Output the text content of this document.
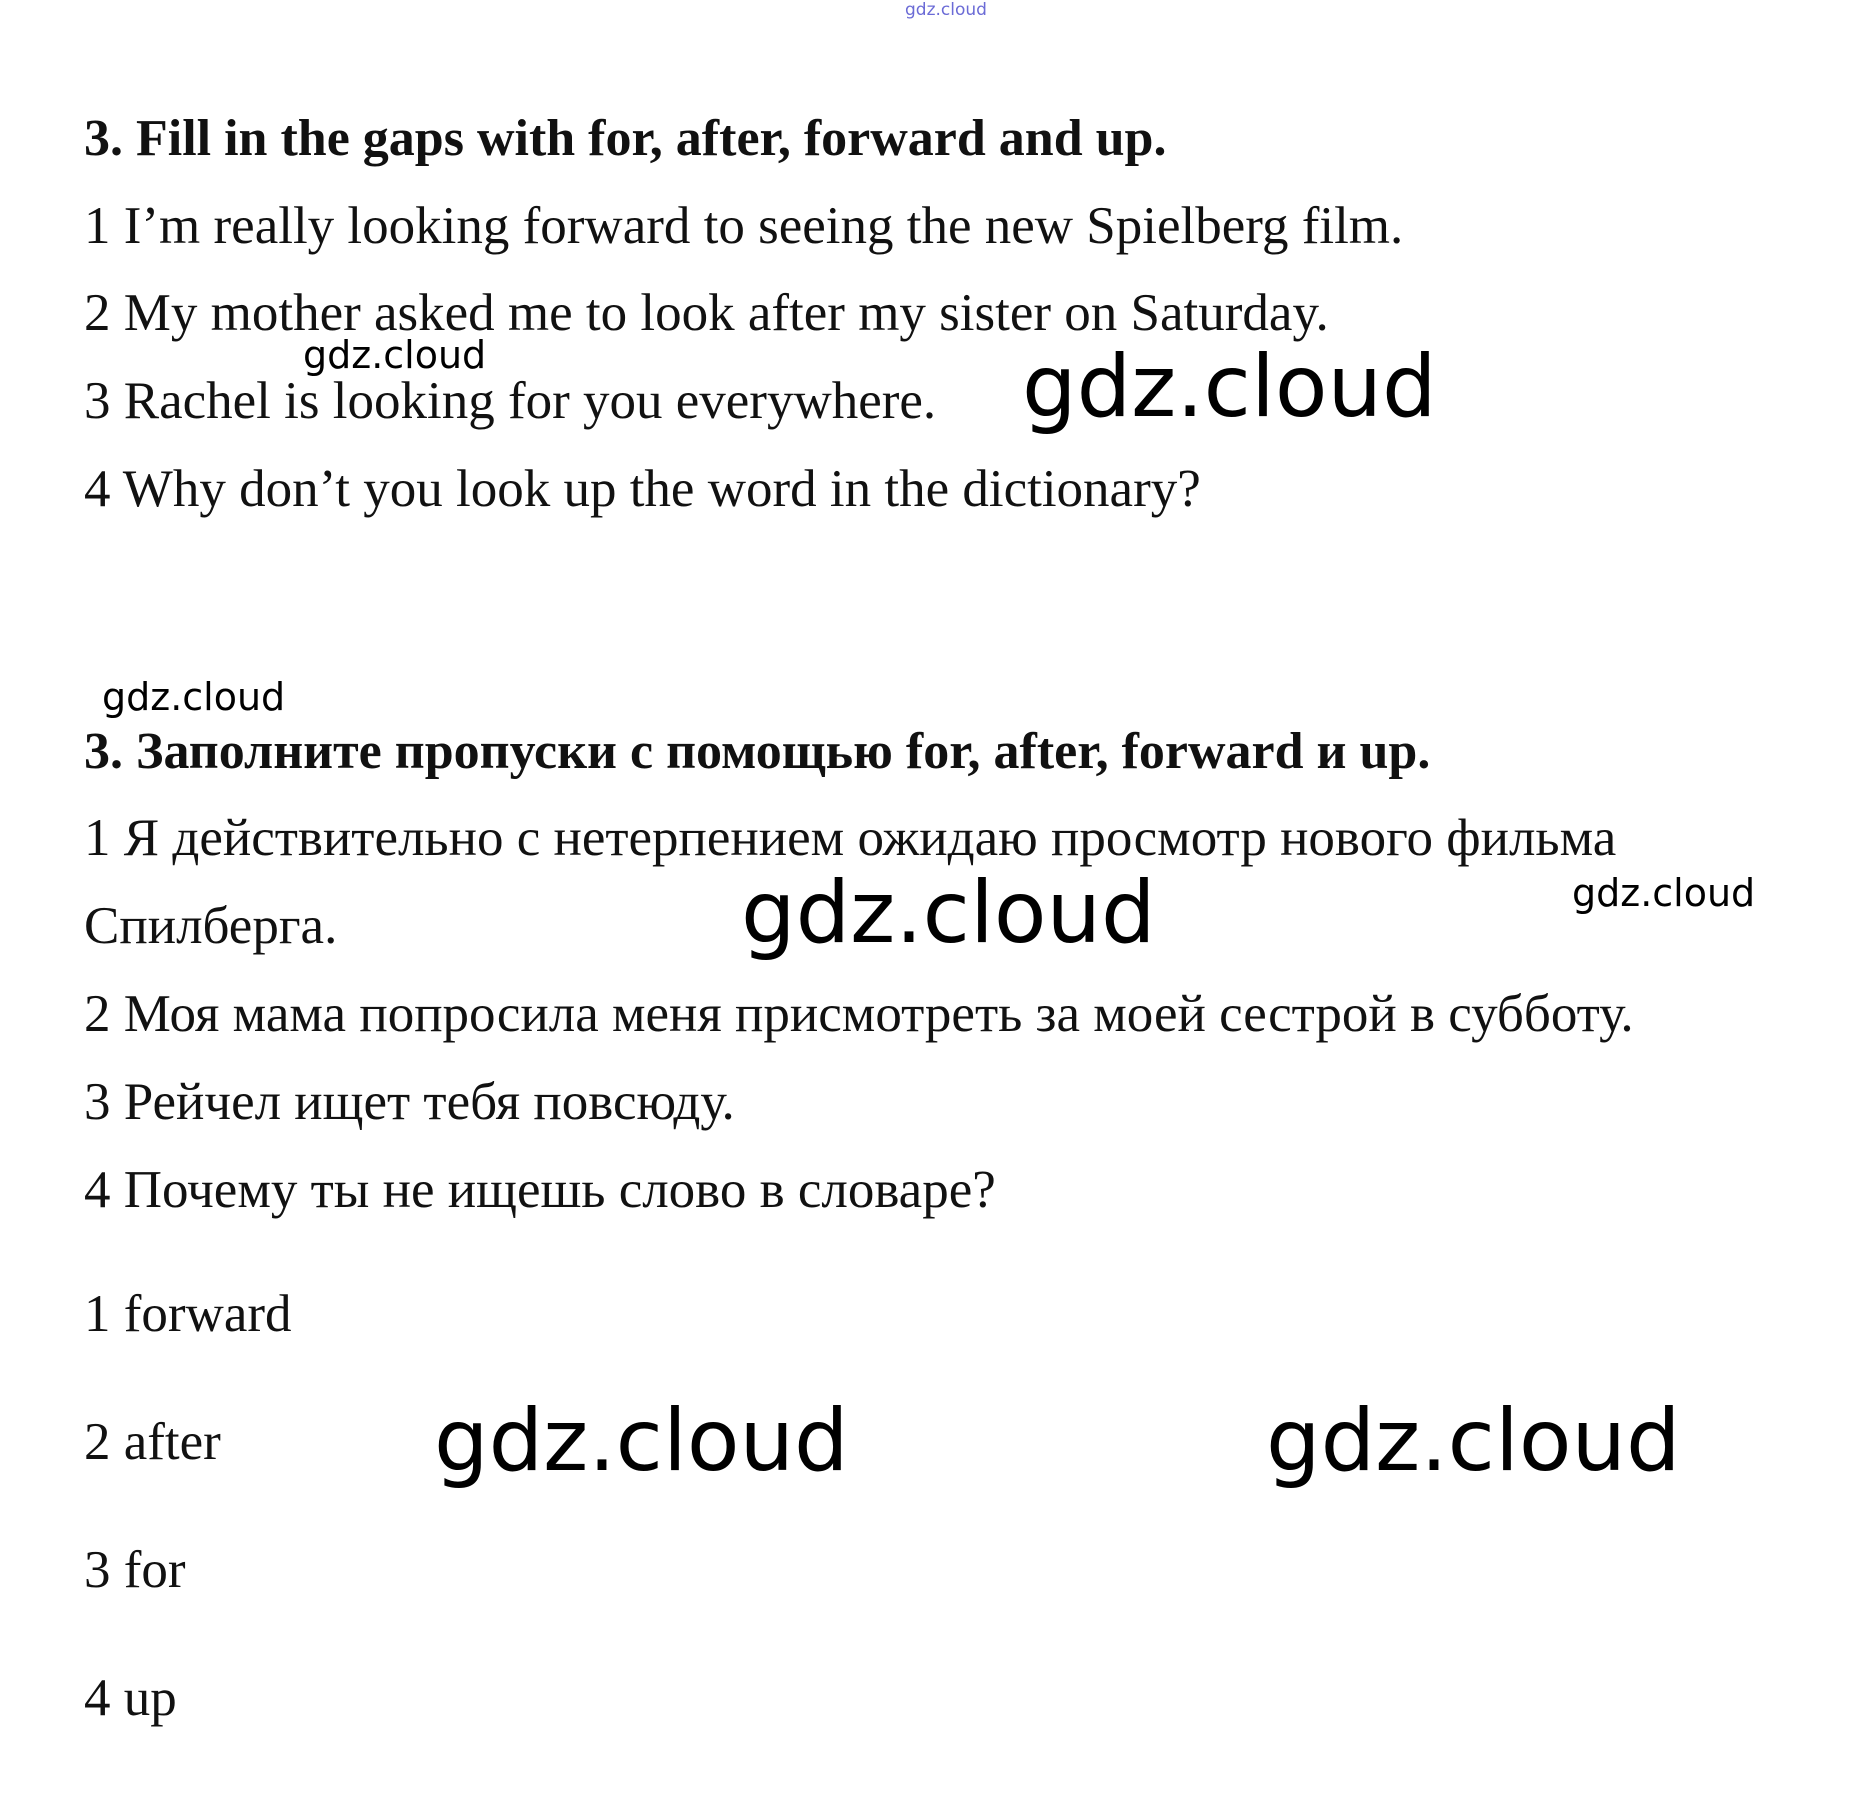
gdz.cloud
3. Fill in the gaps with for, after, forward and up.
1 I’m really looking forward to seeing the new Spielberg film.
2 My mother asked me to look after my sister on Saturday.
3 Rachel is looking for you everywhere.
4 Why don’t you look up the word in the dictionary?
3. Заполните пропуски с помощью for, after, forward и up.
1 Я действительно с нетерпением ожидаю просмотр нового фильма
Спилберга.
2 Моя мама попросила меня присмотреть за моей сестрой в субботу.
3 Рейчел ищет тебя повсюду.
4 Почему ты не ищешь слово в словаре?
1 forward
2 after
3 for
4 up
gdz.cloud	gdz.cloud
gdz.cloud
gdz.cloud	gdz.cloud
gdz.cloud	gdz.cloud
